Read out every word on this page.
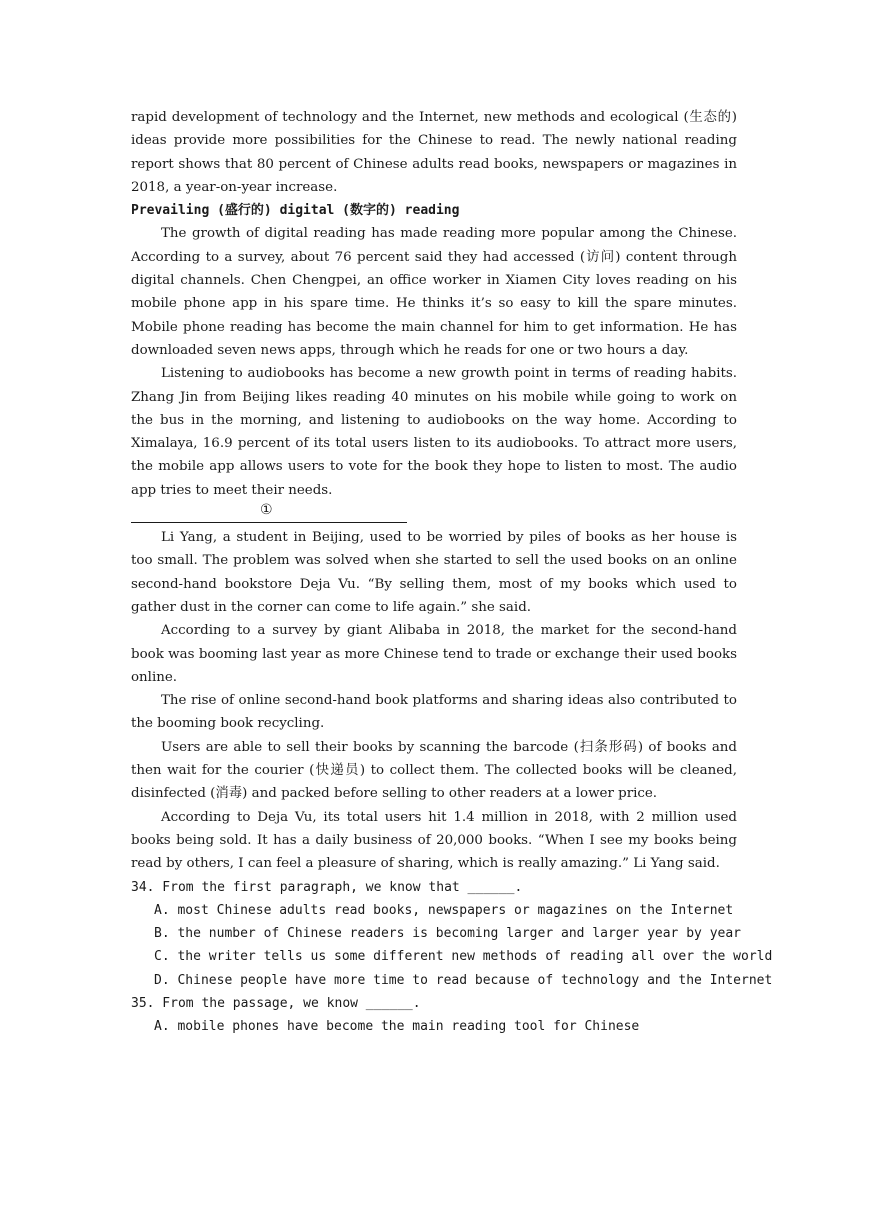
rapid development of technology and the Internet, new methods and ecological (生态的) ideas provide more possibilities for the Chinese to read. The newly national reading report shows that 80 percent of Chinese adults read books, newspapers or magazines in 2018, a year-on-year increase.

Prevailing (盛行的) digital (数字的) reading

The growth of digital reading has made reading more popular among the Chinese. According to a survey, about 76 percent said they had accessed (访问) content through digital channels. Chen Chengpei, an office worker in Xiamen City loves reading on his mobile phone app in his spare time. He thinks it’s so easy to kill the spare minutes. Mobile phone reading has become the main channel for him to get information. He has downloaded seven news apps, through which he reads for one or two hours a day.

Listening to audiobooks has become a new growth point in terms of reading habits. Zhang Jin from Beijing likes reading 40 minutes on his mobile while going to work on the bus in the morning, and listening to audiobooks on the way home. According to Ximalaya, 16.9 percent of its total users listen to its audiobooks. To attract more users, the mobile app allows users to vote for the book they hope to listen to most. The audio app tries to meet their needs.

①

Li Yang, a student in Beijing, used to be worried by piles of books as her house is too small. The problem was solved when she started to sell the used books on an online second-hand bookstore Deja Vu. “By selling them, most of my books which used to gather dust in the corner can come to life again.” she said.

According to a survey by giant Alibaba in 2018, the market for the second-hand book was booming last year as more Chinese tend to trade or exchange their used books online.

The rise of online second-hand book platforms and sharing ideas also contributed to the booming book recycling.

Users are able to sell their books by scanning the barcode (扫条形码) of books and then wait for the courier (快递员) to collect them. The collected books will be cleaned, disinfected (消毒) and packed before selling to other readers at a lower price.

According to Deja Vu, its total users hit 1.4 million in 2018, with 2 million used books being sold. It has a daily business of 20,000 books. “When I see my books being read by others, I can feel a pleasure of sharing, which is really amazing.” Li Yang said.

34. From the first paragraph, we know that ______.

A. most Chinese adults read books, newspapers or magazines on the Internet

B. the number of Chinese readers is becoming larger and larger year by year

C. the writer tells us some different new methods of reading all over the world

D. Chinese people have more time to read because of technology and the Internet

35. From the passage, we know ______.

A. mobile phones have become the main reading tool for Chinese
